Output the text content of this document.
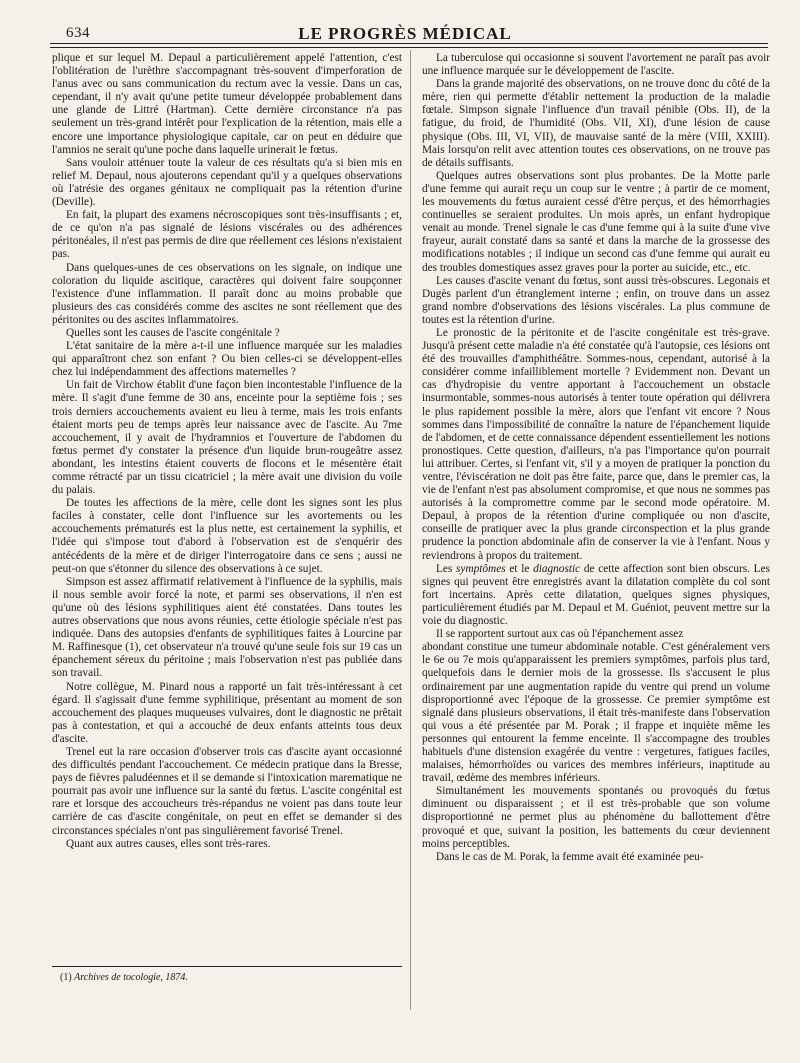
634	LE PROGRÈS MÉDICAL

plique et sur lequel M. Depaul a particulièrement appelé l'attention, c'est l'oblitération de l'urèthre s'accompagnant très-souvent d'imperforation de l'anus avec ou sans communication du rectum avec la vessie. Dans un cas, cependant, il n'y avait qu'une petite tumeur développée probablement dans une glande de Littré (Hartman). Cette dernière circonstance n'a pas seulement un très-grand intérêt pour l'explication de la rétention, mais elle a encore une importance physiologique capitale, car on peut en déduire que l'amnios ne serait qu'une poche dans laquelle urinerait le fœtus.

Sans vouloir atténuer toute la valeur de ces résultats qu'a si bien mis en relief M. Depaul, nous ajouterons cependant qu'il y a quelques observations où l'atrésie des organes génitaux ne compliquait pas la rétention d'urine (Deville).

En fait, la plupart des examens nécroscopiques sont très-insuffisants ; et, de ce qu'on n'a pas signalé de lésions viscérales ou des adhérences péritonéales, il n'est pas permis de dire que réellement ces lésions n'existaient pas.

Dans quelques-unes de ces observations on les signale, on indique une coloration du liquide ascitique, caractères qui doivent faire soupçonner l'existence d'une inflammation. Il paraît donc au moins probable que plusieurs des cas considérés comme des ascites ne sont réellement que des péritonites ou des ascites inflammatoires.

Quelles sont les causes de l'ascite congénitale ?

L'état sanitaire de la mère a-t-il une influence marquée sur les maladies qui apparaîtront chez son enfant ? Ou bien celles-ci se développent-elles chez lui indépendamment des affections maternelles ?

Un fait de Virchow établit d'une façon bien incontestable l'influence de la mère. Il s'agit d'une femme de 30 ans, enceinte pour la septième fois ; ses trois derniers accouchements avaient eu lieu à terme, mais les trois enfants étaient morts peu de temps après leur naissance avec de l'ascite. Au 7me accouchement, il y avait de l'hydramnios et l'ouverture de l'abdomen du fœtus permet d'y constater la présence d'un liquide brun-rougeâtre assez abondant, les intestins étaient couverts de flocons et le mésentère était comme rétracté par un tissu cicatriciel ; la mère avait une division du voile du palais.

De toutes les affections de la mère, celle dont les signes sont les plus faciles à constater, celle dont l'influence sur les avortements ou les accouchements prématurés est la plus nette, est certainement la syphilis, et l'idée qui s'impose tout d'abord à l'observation est de s'enquérir des antécédents de la mère et de diriger l'interrogatoire dans ce sens ; aussi ne peut-on que s'étonner du silence des observations à ce sujet.

Simpson est assez affirmatif relativement à l'influence de la syphilis, mais il nous semble avoir forcé la note, et parmi ses observations, il n'en est qu'une où des lésions syphilitiques aient été constatées. Dans toutes les autres observations que nous avons réunies, cette étiologie spéciale n'est pas indiquée. Dans des autopsies d'enfants de syphilitiques faites à Lourcine par M. Raffinesque (1), cet observateur n'a trouvé qu'une seule fois sur 19 cas un épanchement séreux du péritoine ; mais l'observation n'est pas publiée dans son travail.

Notre collègue, M. Pinard nous a rapporté un fait très-intéressant à cet égard. Il s'agissait d'une femme syphilitique, présentant au moment de son accouchement des plaques muqueuses vulvaires, dont le diagnostic ne prêtait pas à contestation, et qui a accouché de deux enfants atteints tous deux d'ascite.

Trenel eut la rare occasion d'observer trois cas d'ascite ayant occasionné des difficultés pendant l'accouchement. Ce médecin pratique dans la Bresse, pays de fièvres paludéennes et il se demande si l'intoxication marematique ne pourrait pas avoir une influence sur la santé du fœtus. L'ascite congénital est rare et lorsque des accoucheurs très-répandus ne voient pas dans toute leur carrière de cas d'ascite congénitale, on peut en effet se demander si des circonstances spéciales n'ont pas singulièrement favorisé Trenel.

Quant aux autres causes, elles sont très-rares.

(1) Archives de tocologie, 1874.

La tuberculose qui occasionne si souvent l'avortement ne paraît pas avoir une influence marquée sur le développement de l'ascite.

Dans la grande majorité des observations, on ne trouve donc du côté de la mère, rien qui permette d'établir nettement la production de la maladie fœtale. Simpson signale l'influence d'un travail pénible (Obs. II), de la fatigue, du froid, de l'humidité (Obs. VII, XI), d'une lésion de cause physique (Obs. III, VI, VII), de mauvaise santé de la mère (VIII, XXIII). Mais lorsqu'on relit avec attention toutes ces observations, on ne trouve pas de détails suffisants.

Quelques autres observations sont plus probantes. De la Motte parle d'une femme qui aurait reçu un coup sur le ventre ; à partir de ce moment, les mouvements du fœtus auraient cessé d'être perçus, et des hémorrhagies continuelles se seraient produites. Un mois après, un enfant hydropique venait au monde. Trenel signale le cas d'une femme qui à la suite d'une vive frayeur, aurait constaté dans sa santé et dans la marche de la grossesse des modifications notables ; il indique un second cas d'une femme qui aurait eu des troubles domestiques assez graves pour la porter au suicide, etc., etc.

Les causes d'ascite venant du fœtus, sont aussi très-obscures. Legonais et Dugès parlent d'un étranglement interne ; enfin, on trouve dans un assez grand nombre d'observations des lésions viscérales. La plus commune de toutes est la rétention d'urine.

Le pronostic de la péritonite et de l'ascite congénitale est très-grave. Jusqu'à présent cette maladie n'a été constatée qu'à l'autopsie, ces lésions ont été des trouvailles d'amphithéâtre. Sommes-nous, cependant, autorisé à la considérer comme infailliblement mortelle ? Evidemment non. Devant un cas d'hydropisie du ventre apportant à l'accouchement un obstacle insurmontable, sommes-nous autorisés à tenter toute opération qui délivrera le plus rapidement possible la mère, alors que l'enfant vit encore ? Nous sommes dans l'impossibilité de connaître la nature de l'épanchement liquide de l'abdomen, et de cette connaissance dépendent essentiellement les notions pronostiques. Cette question, d'ailleurs, n'a pas l'importance qu'on pourrait lui attribuer. Certes, si l'enfant vit, s'il y a moyen de pratiquer la ponction du ventre, l'éviscération ne doit pas être faite, parce que, dans le premier cas, la vie de l'enfant n'est pas absolument compromise, et que nous ne sommes pas autorisés à la compromettre comme par le second mode opératoire. M. Depaul, à propos de la rétention d'urine compliquée ou non d'ascite, conseille de pratiquer avec la plus grande circonspection et la plus grande prudence la ponction abdominale afin de conserver la vie à l'enfant. Nous y reviendrons à propos du traitement.

Les symptômes et le diagnostic de cette affection sont bien obscurs. Les signes qui peuvent être enregistrés avant la dilatation complète du col sont fort incertains. Après cette dilatation, quelques signes physiques, particulièrement étudiés par M. Depaul et M. Guéniot, peuvent mettre sur la voie du diagnostic.

Il se rapportent surtout aux cas où l'épanchement assez

abondant constitue une tumeur abdominale notable. C'est généralement vers le 6e ou 7e mois qu'apparaissent les premiers symptômes, parfois plus tard, quelquefois dans le dernier mois de la grossesse. Ils s'accusent le plus ordinairement par une augmentation rapide du ventre qui prend un volume disproportionné avec l'époque de la grossesse. Ce premier symptôme est signalé dans plusieurs observations, il était très-manifeste dans l'observation qui vous a été présentée par M. Porak ; il frappe et inquiète même les personnes qui entourent la femme enceinte. Il s'accompagne des troubles habituels d'une distension exagérée du ventre : vergetures, fatigues faciles, malaises, hémorrhoïdes ou varices des membres inférieurs, inaptitude au travail, œdème des membres inférieurs.

Simultanément les mouvements spontanés ou provoqués du fœtus diminuent ou disparaissent ; et il est très-probable que son volume disproportionné ne permet plus au phénomène du ballottement d'être provoqué et que, suivant la position, les battements du cœur deviennent moins perceptibles.

Dans le cas de M. Porak, la femme avait été examinée peu-
